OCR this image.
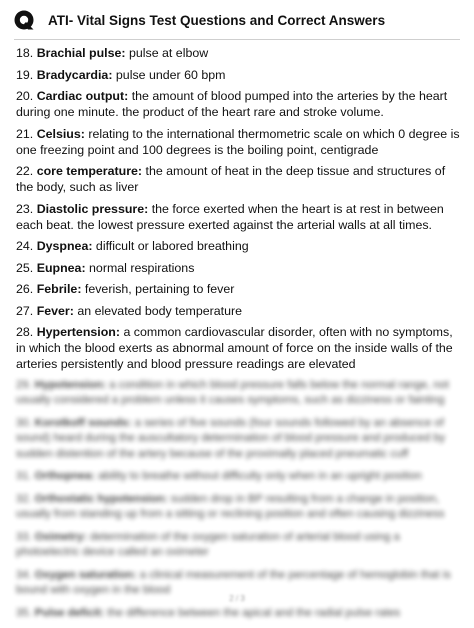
ATI- Vital Signs Test Questions and Correct Answers
18. Brachial pulse: pulse at elbow
19. Bradycardia: pulse under 60 bpm
20. Cardiac output: the amount of blood pumped into the arteries by the heart during one minute. the product of the heart rare and stroke volume.
21. Celsius: relating to the international thermometric scale on which 0 degree is one freezing point and 100 degrees is the boiling point, centigrade
22. core temperature: the amount of heat in the deep tissue and structures of the body, such as liver
23. Diastolic pressure: the force exerted when the heart is at rest in between each beat. the lowest pressure exerted against the arterial walls at all times.
24. Dyspnea: difficult or labored breathing
25. Eupnea: normal respirations
26. Febrile: feverish, pertaining to fever
27. Fever: an elevated body temperature
28. Hypertension: a common cardiovascular disorder, often with no symptoms, in which the blood exerts as abnormal amount of force on the inside walls of the arteries persistently and blood pressure readings are elevated
29. Hypotension: a condition in which blood pressure falls below the normal range, not usually considered a problem unless it causes symptoms, such as dizziness or fainting
30. Korotkoff sounds: a series of five sounds (four sounds followed by an absence of sound) heard during the auscultatory determination of blood pressure and produced by sudden distention of the artery because of the proximally placed pneumatic cuff
31. Orthopnea: ability to breathe without difficulty only when in an upright position
32. Orthostatic hypotension: sudden drop in BP resulting from a change in position, usually from standing up from a sitting or reclining position and often causing dizziness
33. Oximetry: determination of the oxygen saturation of arterial blood using a photoelectric device called an oximeter
34. Oxygen saturation: a clinical measurement of the percentage of hemoglobin that is bound with oxygen in the blood
35. Pulse deficit: the difference between the apical and the radial pulse rates
2 / 3
